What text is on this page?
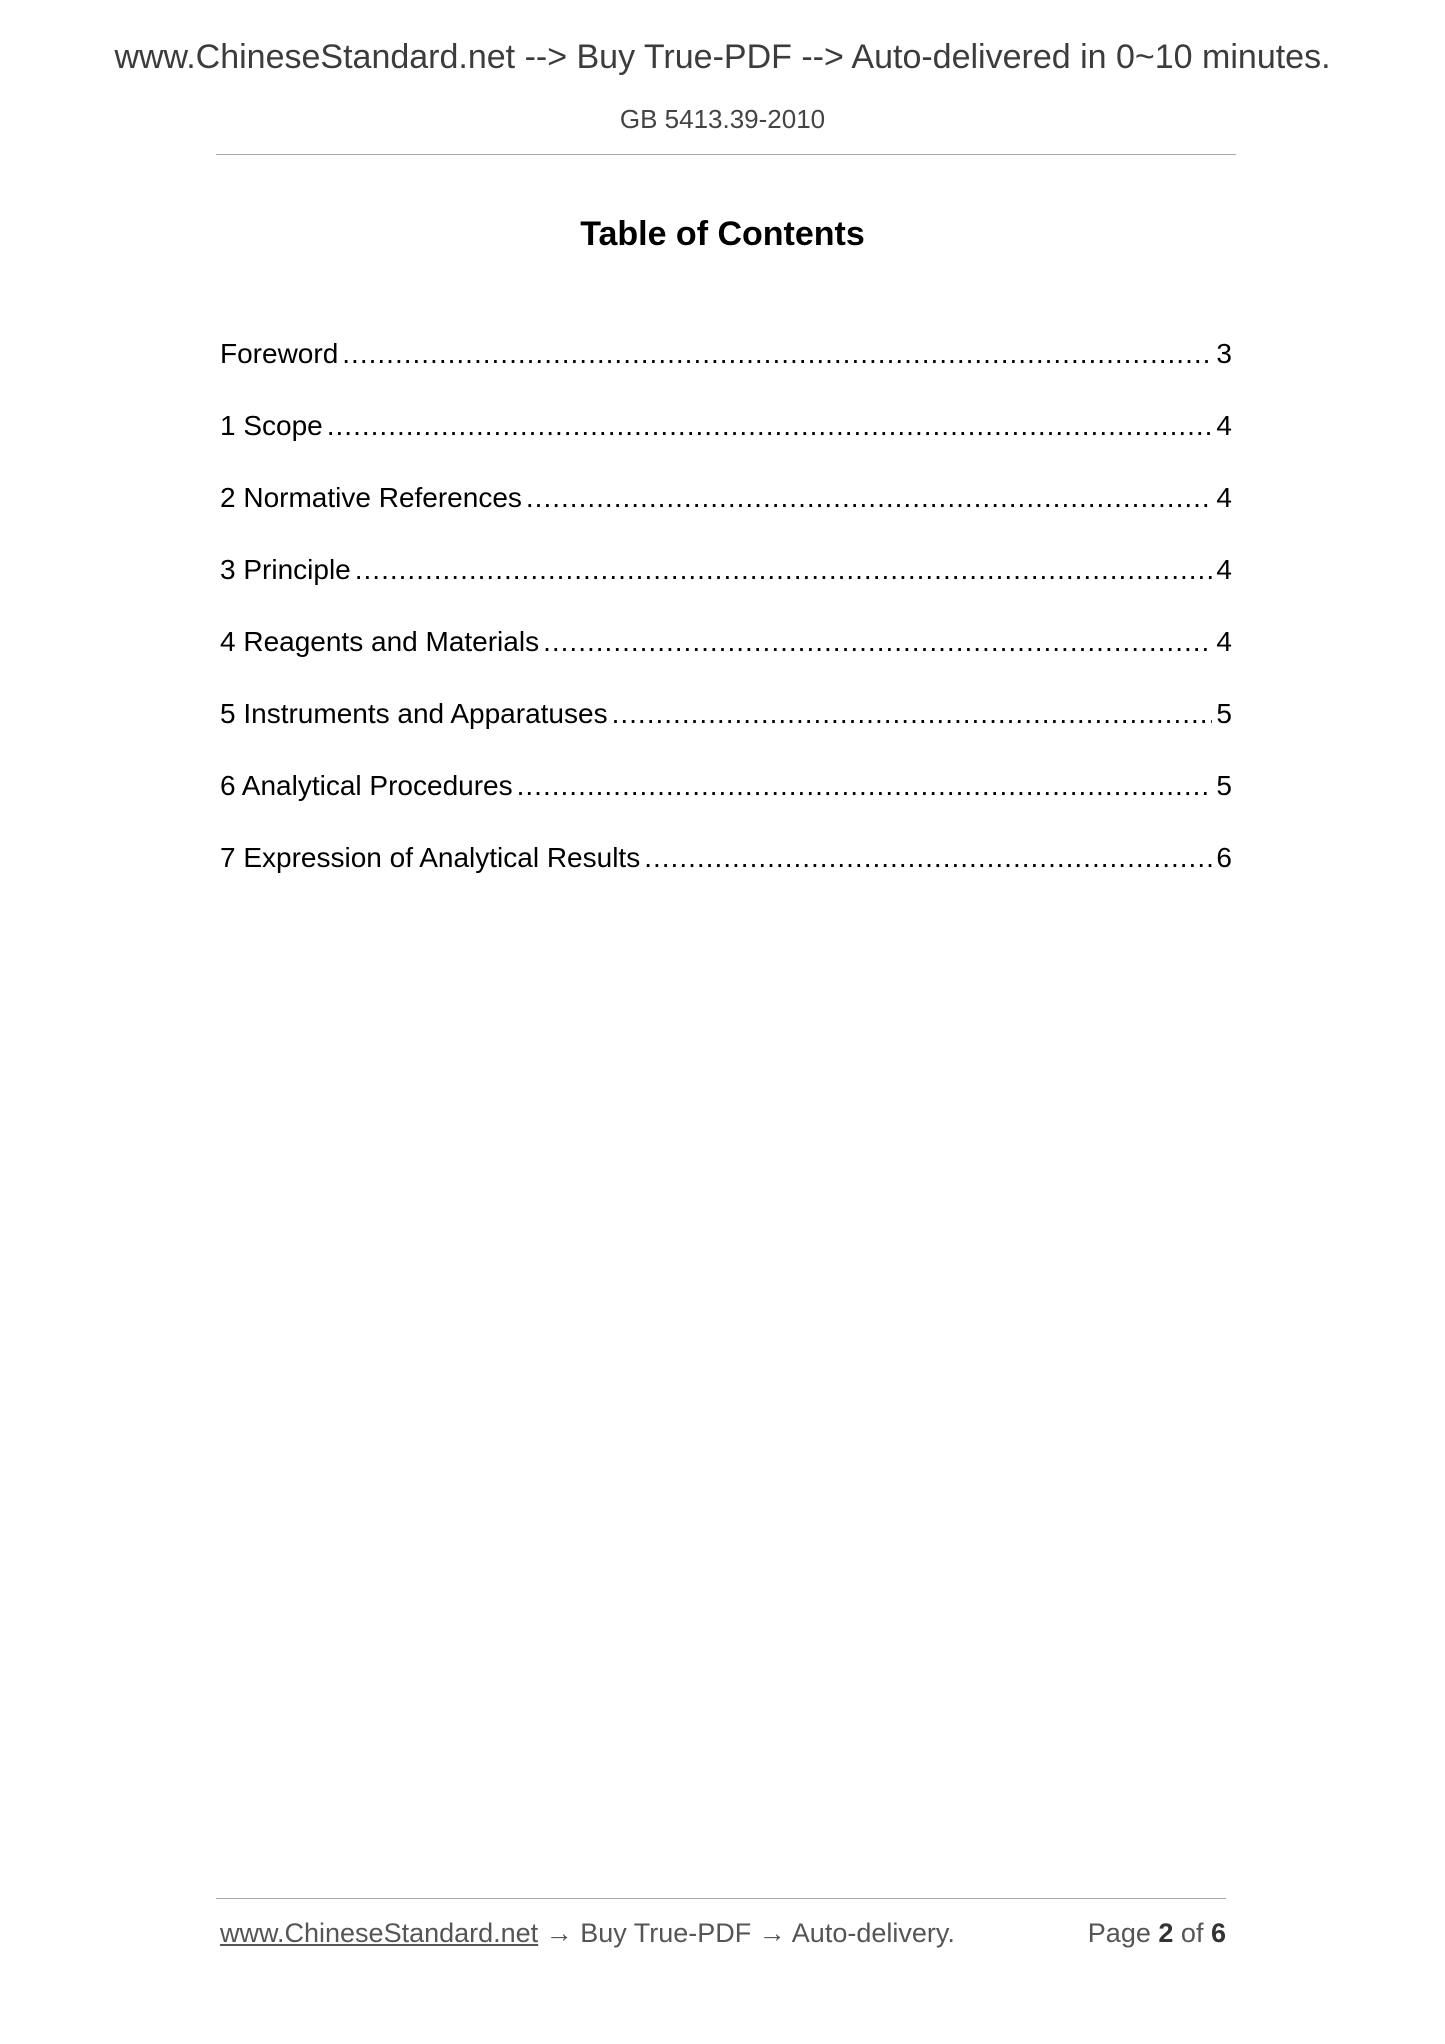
www.ChineseStandard.net --> Buy True-PDF --> Auto-delivered in 0~10 minutes.
GB 5413.39-2010
Table of Contents
Foreword .....	3
1 Scope .....	4
2 Normative References .....	4
3 Principle .....	4
4 Reagents and Materials .....	4
5 Instruments and Apparatuses .....	5
6 Analytical Procedures .....	5
7 Expression of Analytical Results .....	6
www.ChineseStandard.net → Buy True-PDF → Auto-delivery.	Page 2 of 6
